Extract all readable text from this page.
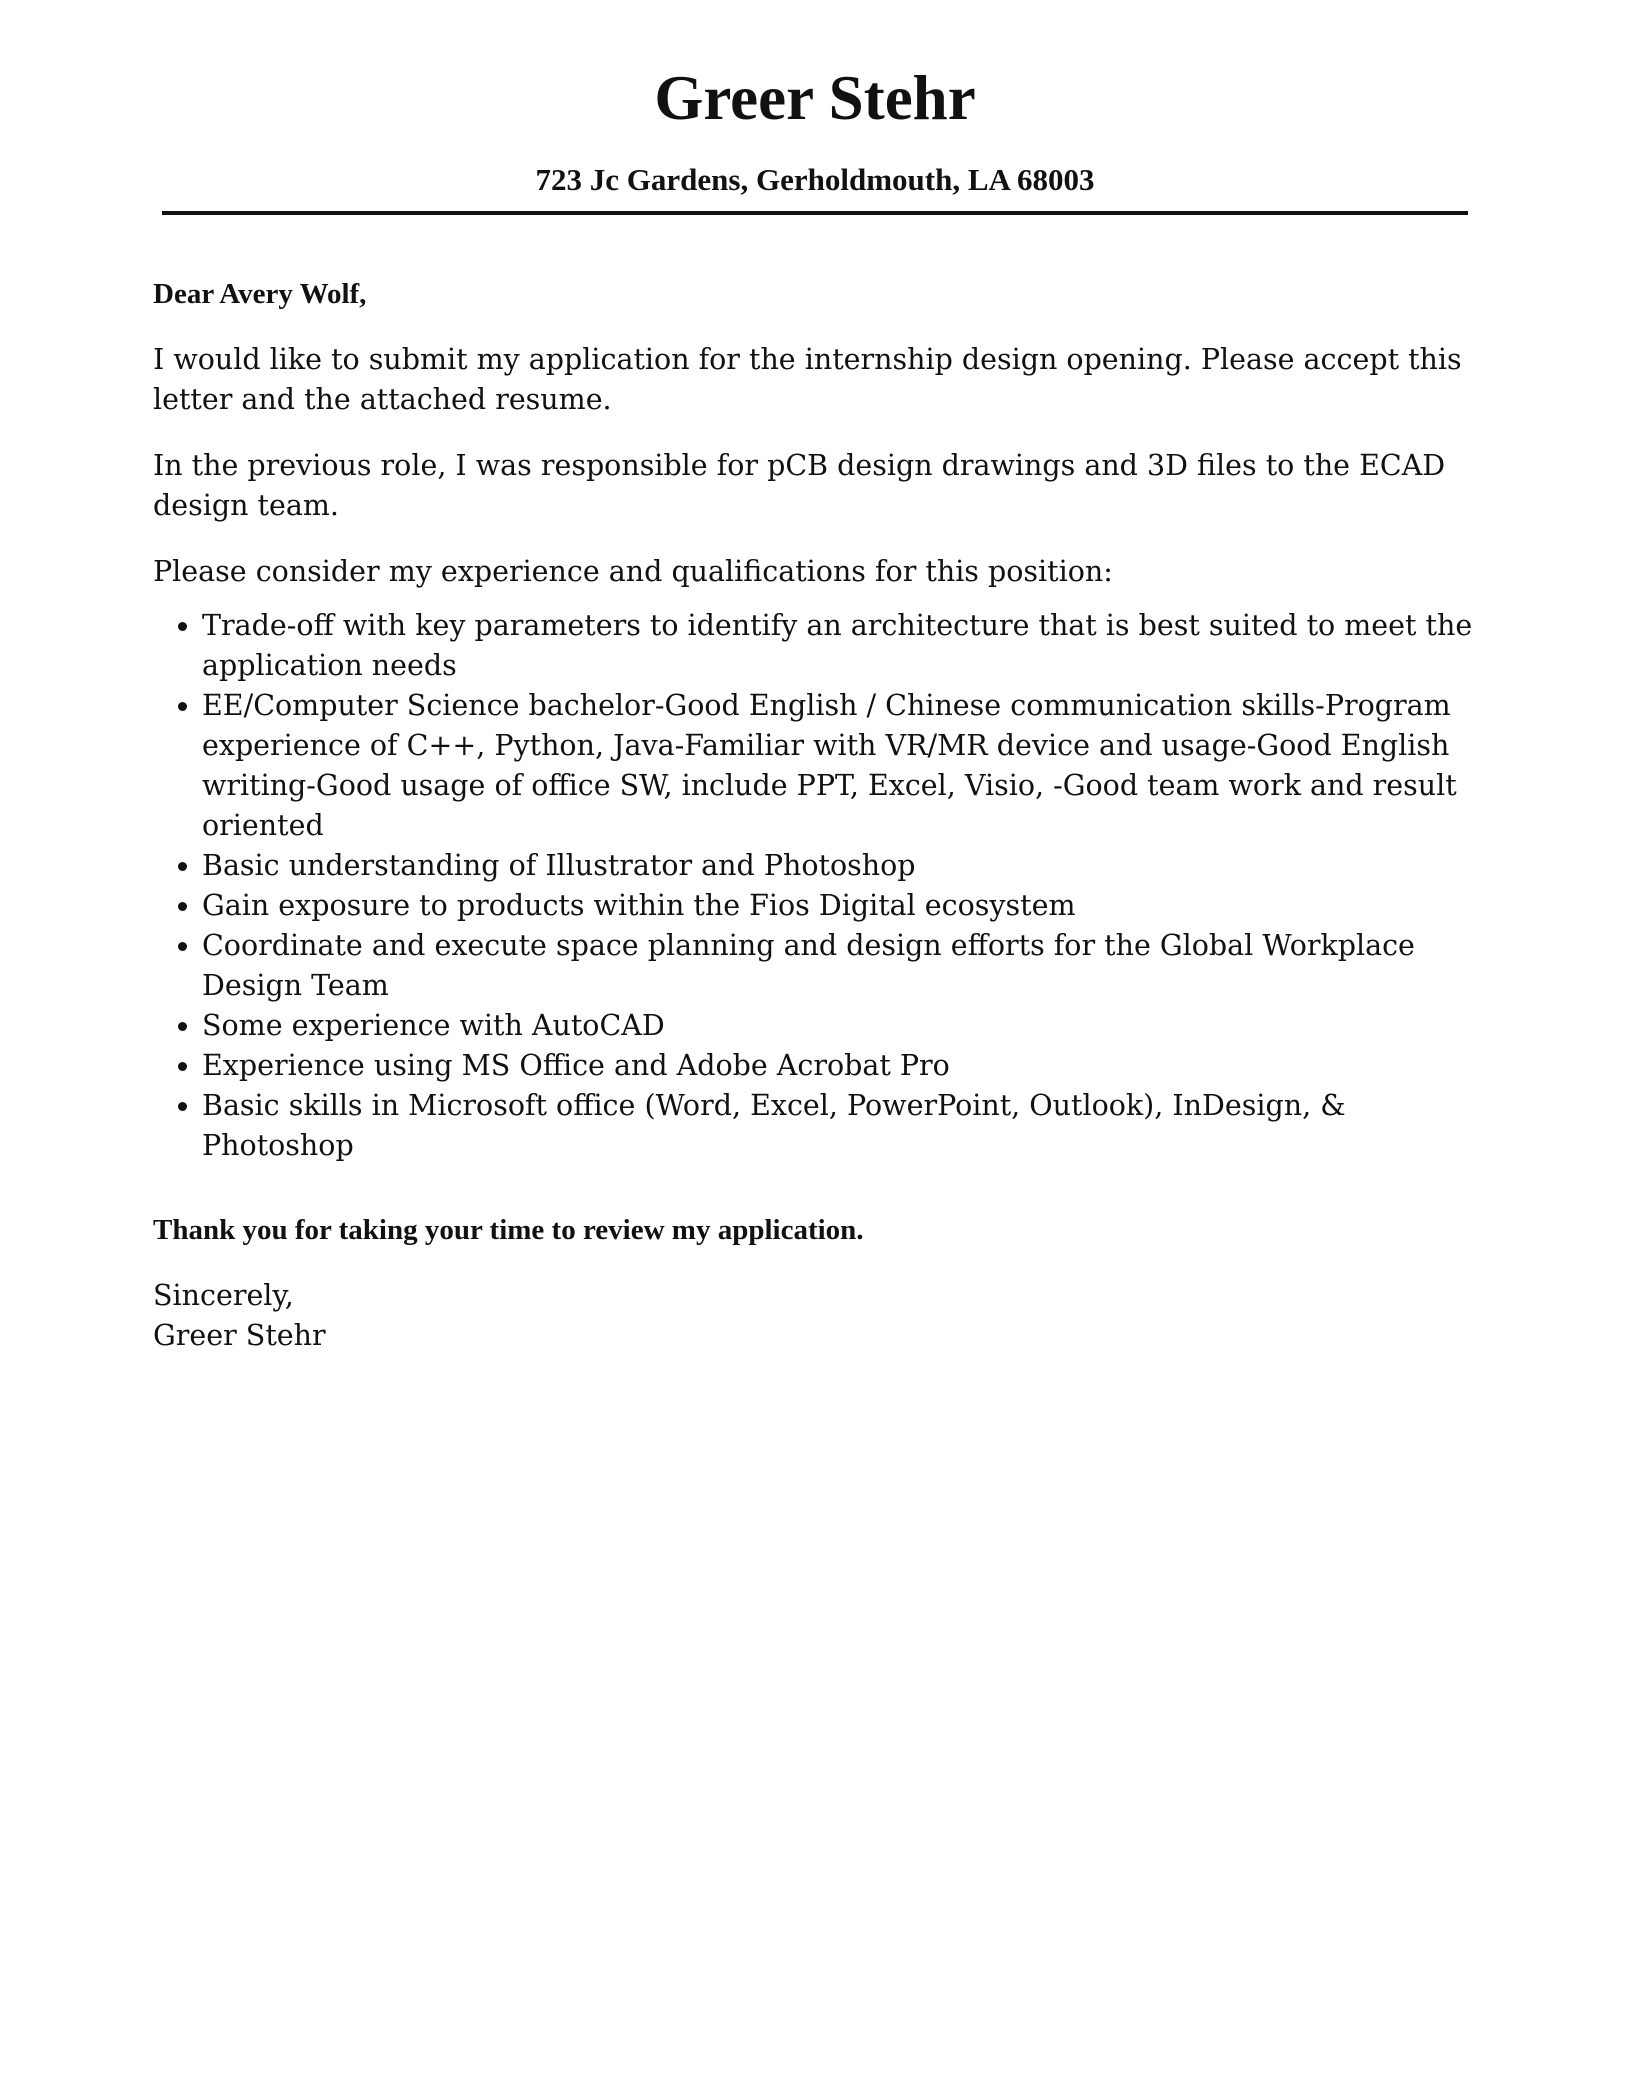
Greer Stehr
723 Jc Gardens, Gerholdmouth, LA 68003

Dear Avery Wolf,

I would like to submit my application for the internship design opening. Please accept this letter and the attached resume.

In the previous role, I was responsible for pCB design drawings and 3D files to the ECAD design team.

Please consider my experience and qualifications for this position:

• Trade-off with key parameters to identify an architecture that is best suited to meet the application needs
• EE/Computer Science bachelor-Good English / Chinese communication skills-Program experience of C++, Python, Java-Familiar with VR/MR device and usage-Good English writing-Good usage of office SW, include PPT, Excel, Visio, -Good team work and result oriented
• Basic understanding of Illustrator and Photoshop
• Gain exposure to products within the Fios Digital ecosystem
• Coordinate and execute space planning and design efforts for the Global Workplace Design Team
• Some experience with AutoCAD
• Experience using MS Office and Adobe Acrobat Pro
• Basic skills in Microsoft office (Word, Excel, PowerPoint, Outlook), InDesign, & Photoshop

Thank you for taking your time to review my application.

Sincerely,

Greer Stehr
